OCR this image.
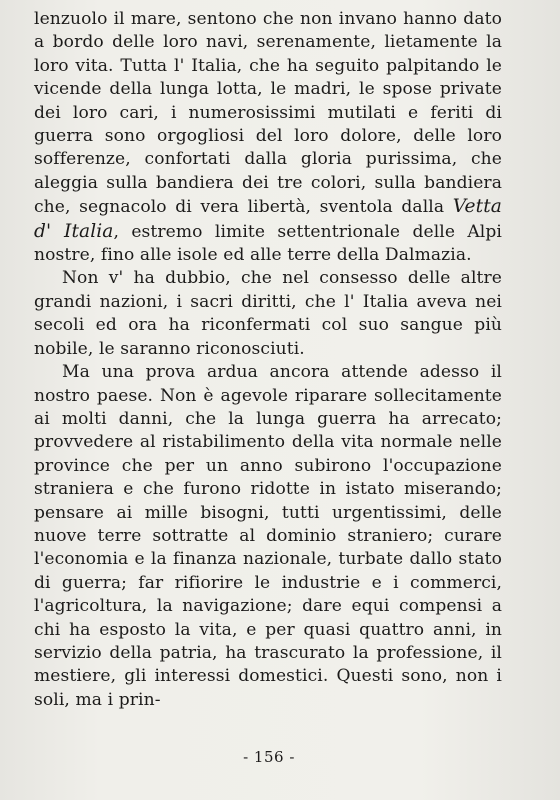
lenzuolo il mare, sentono che non invano hanno dato a bordo delle loro navi, serenamente, lietamente la loro vita. Tutta l' Italia, che ha seguito palpitando le vicende della lunga lotta, le madri, le spose private dei loro cari, i numerosissimi mutilati e feriti di guerra sono orgogliosi del loro dolore, delle loro sofferenze, confortati dalla gloria purissima, che aleggia sulla bandiera dei tre colori, sulla bandiera che, segnacolo di vera libertà, sventola dalla Vetta d' Italia, estremo limite settentrionale delle Alpi nostre, fino alle isole ed alle terre della Dalmazia.

Non v' ha dubbio, che nel consesso delle altre grandi nazioni, i sacri diritti, che l' Italia aveva nei secoli ed ora ha riconfermati col suo sangue più nobile, le saranno riconosciuti.

Ma una prova ardua ancora attende adesso il nostro paese. Non è agevole riparare sollecitamente ai molti danni, che la lunga guerra ha arrecato; provvedere al ristabilimento della vita normale nelle province che per un anno subirono l'occupazione straniera e che furono ridotte in istato miserando; pensare ai mille bisogni, tutti urgentissimi, delle nuove terre sottratte al dominio straniero; curare l'economia e la finanza nazionale, turbate dallo stato di guerra; far rifiorire le industrie e i commerci, l'agricoltura, la navigazione; dare equi compensi a chi ha esposto la vita, e per quasi quattro anni, in servizio della patria, ha trascurato la professione, il mestiere, gli interessi domestici. Questi sono, non i soli, ma i prin-

- 156 -
